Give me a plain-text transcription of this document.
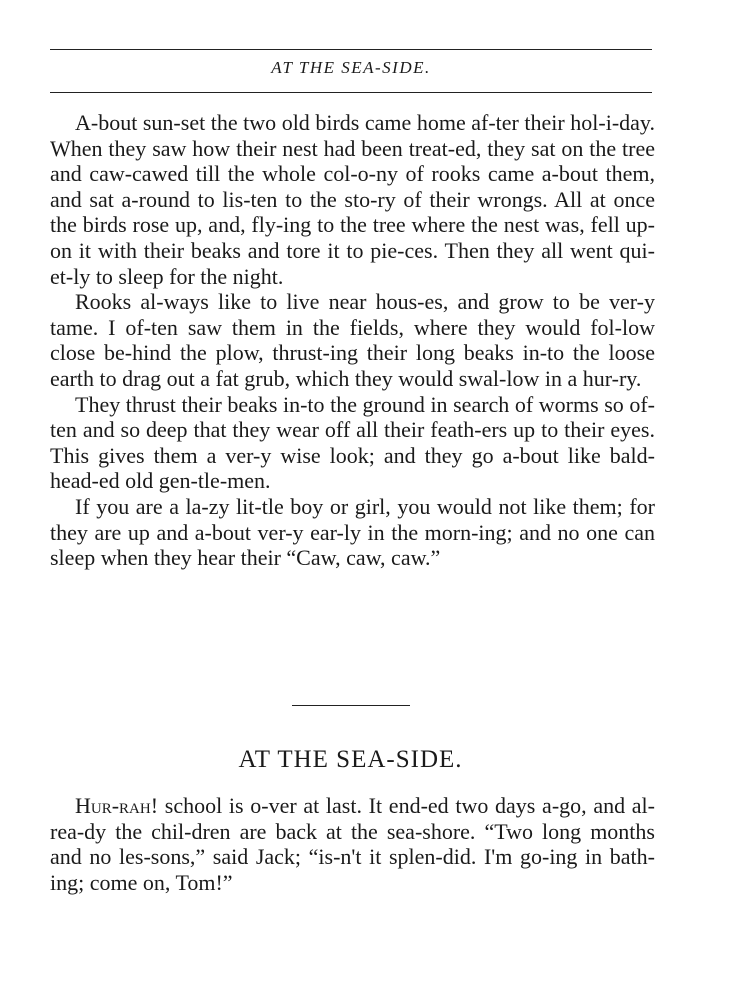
AT THE SEA-SIDE.

A-bout sun-set the two old birds came home af-ter their hol-i-day. When they saw how their nest had been treat-ed, they sat on the tree and caw-cawed till the whole col-o-ny of rooks came a-bout them, and sat a-round to lis-ten to the sto-ry of their wrongs. All at once the birds rose up, and, fly-ing to the tree where the nest was, fell up-on it with their beaks and tore it to pie-ces. Then they all went qui-et-ly to sleep for the night.

Rooks al-ways like to live near hous-es, and grow to be ver-y tame. I of-ten saw them in the fields, where they would fol-low close be-hind the plow, thrust-ing their long beaks in-to the loose earth to drag out a fat grub, which they would swal-low in a hur-ry.

They thrust their beaks in-to the ground in search of worms so of-ten and so deep that they wear off all their feath-ers up to their eyes. This gives them a ver-y wise look; and they go a-bout like bald-head-ed old gen-tle-men.

If you are a la-zy lit-tle boy or girl, you would not like them; for they are up and a-bout ver-y ear-ly in the morn-ing; and no one can sleep when they hear their “Caw, caw, caw.”

AT THE SEA-SIDE.

Hur-rah! school is o-ver at last. It end-ed two days a-go, and al-rea-dy the chil-dren are back at the sea-shore. “Two long months and no les-sons,” said Jack; “is-n't it splen-did. I'm go-ing in bath-ing; come on, Tom!”
